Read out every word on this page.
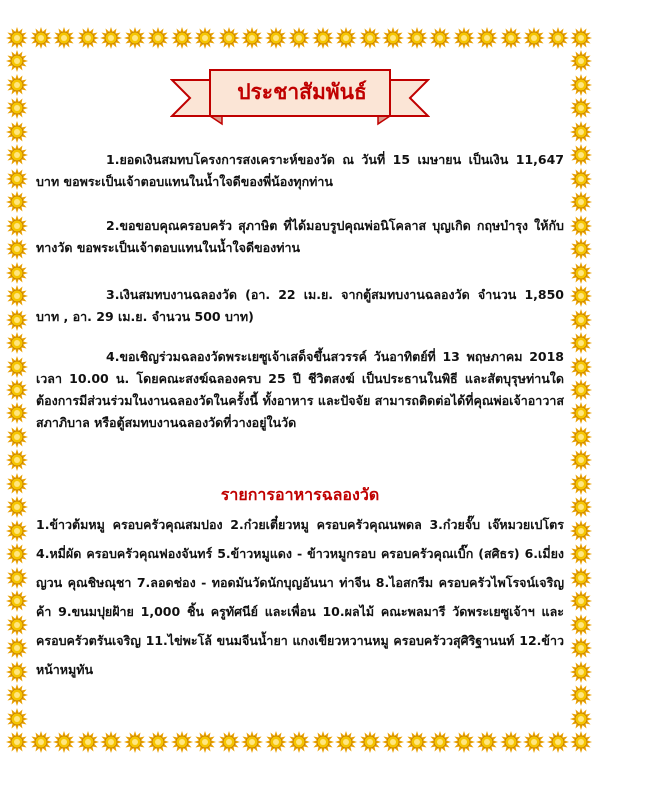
ประชาสัมพันธ์

1.ยอดเงินสมทบโครงการสงเคราะห์ของวัด ณ วันที่ 15 เมษายน เป็นเงิน 11,647 บาท ขอพระเป็นเจ้าตอบแทนในน้ำใจดีของพี่น้องทุกท่าน

2.ขอขอบคุณครอบครัว สุภาษิต ที่ได้มอบรูปคุณพ่อนิโคลาส บุญเกิด กฤษบำรุง ให้กับทางวัด ขอพระเป็นเจ้าตอบแทนในน้ำใจดีของท่าน

3.เงินสมทบงานฉลองวัด (อา. 22 เม.ย. จากตู้สมทบงานฉลองวัด จำนวน 1,850 บาท , อา. 29 เม.ย. จำนวน 500 บาท)

4.ขอเชิญร่วมฉลองวัดพระเยซูเจ้าเสด็จขึ้นสวรรค์ วันอาทิตย์ที่ 13 พฤษภาคม 2018 เวลา 10.00 น. โดยคณะสงฆ์ฉลองครบ 25 ปี ชีวิตสงฆ์ เป็นประธานในพิธี และสัตบุรุษท่านใดต้องการมีส่วนร่วมในงานฉลองวัดในครั้งนี้ ทั้งอาหาร และปัจจัย สามารถติดต่อได้ที่คุณพ่อเจ้าอาวาส สภาภิบาล หรือตู้สมทบงานฉลองวัดที่วางอยู่ในวัด

รายการอาหารฉลองวัด

1.ข้าวต้มหมู ครอบครัวคุณสมปอง 2.ก๋วยเตี๋ยวหมู ครอบครัวคุณนพดล 3.ก๋วยจั๊บ เจ๊หมวยเปโตร 4.หมี่ผัด ครอบครัวคุณฟองจันทร์ 5.ข้าวหมูแดง - ข้าวหมูกรอบ ครอบครัวคุณเบิ๊ก (สศิธร) 6.เมี่ยงญวน คุณชิษณุชา 7.ลอดช่อง - ทอดมันวัดนักบุญอันนา ท่าจีน 8.ไอสกรีม ครอบครัวไพโรจน์เจริญค้า 9.ขนมปุยฝ้าย 1,000 ชิ้น ครูทัศนีย์ และเพื่อน 10.ผลไม้ คณะพลมารี วัดพระเยซูเจ้าฯ และครอบครัวตรันเจริญ 11.ไข่พะโล้ ขนมจีนน้ำยา แกงเขียวหวานหมู ครอบครัววสุศิริฐานนท์ 12.ข้าวหน้าหมูทัน
